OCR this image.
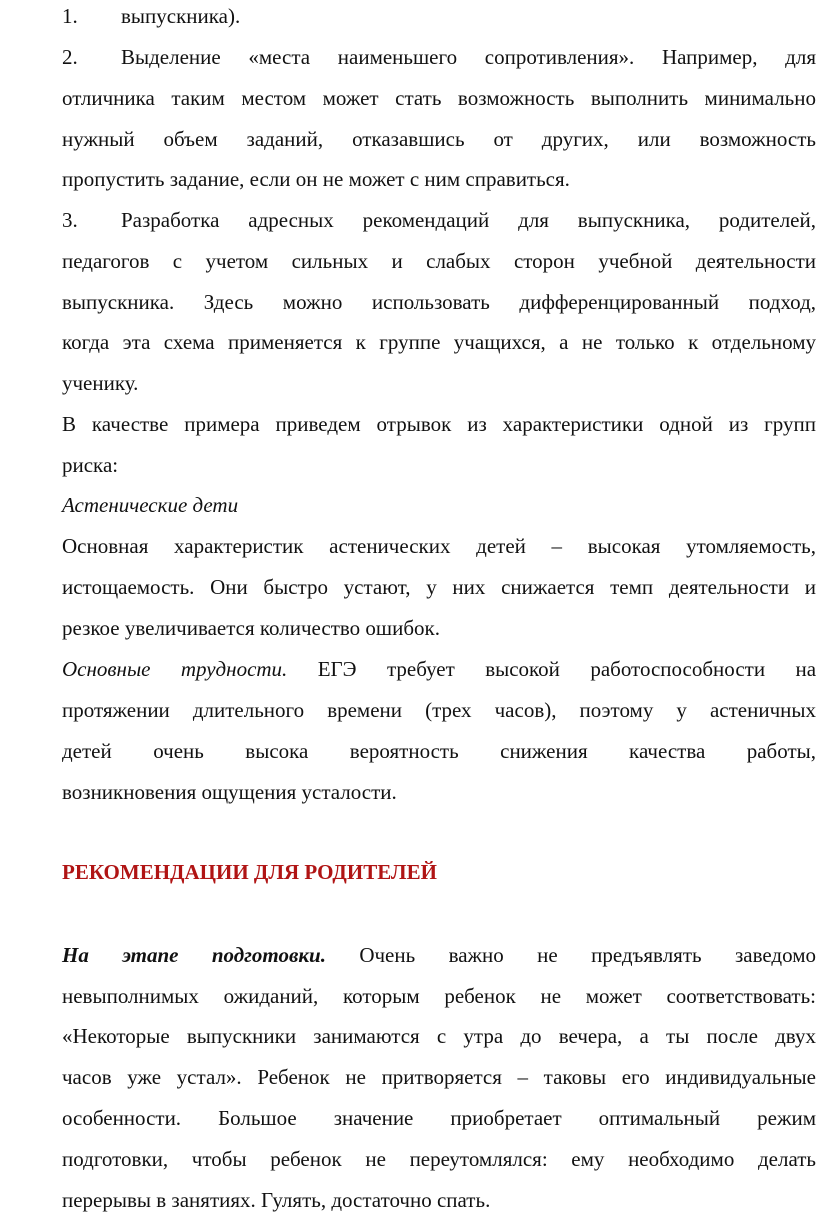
1. выпускника).
2. Выделение «места наименьшего сопротивления». Например, для
отличника таким местом может стать возможность выполнить минимально
нужный объем заданий, отказавшись от других, или возможность
пропустить задание, если он не может с ним справиться.
3. Разработка адресных рекомендаций для выпускника, родителей,
педагогов с учетом сильных и слабых сторон учебной деятельности
выпускника. Здесь можно использовать дифференцированный подход,
когда эта схема применяется к группе учащихся, а не только к отдельному
ученику.
В качестве примера приведем отрывок из характеристики одной из групп
риска:
Астенические дети
Основная характеристик астенических детей – высокая утомляемость,
истощаемость. Они быстро устают, у них снижается темп деятельности и
резкое увеличивается количество ошибок.
Основные трудности. ЕГЭ требует высокой работоспособности на
протяжении длительного времени (трех часов), поэтому у астеничных
детей очень высока вероятность снижения качества работы,
возникновения ощущения усталости.
РЕКОМЕНДАЦИИ ДЛЯ РОДИТЕЛЕЙ
На этапе подготовки. Очень важно не предъявлять заведомо
невыполнимых ожиданий, которым ребенок не может соответствовать:
«Некоторые выпускники занимаются с утра до вечера, а ты после двух
часов уже устал». Ребенок не притворяется – таковы его индивидуальные
особенности. Большое значение приобретает оптимальный режим
подготовки, чтобы ребенок не переутомлялся: ему необходимо делать
перерывы в занятиях. Гулять, достаточно спать.
